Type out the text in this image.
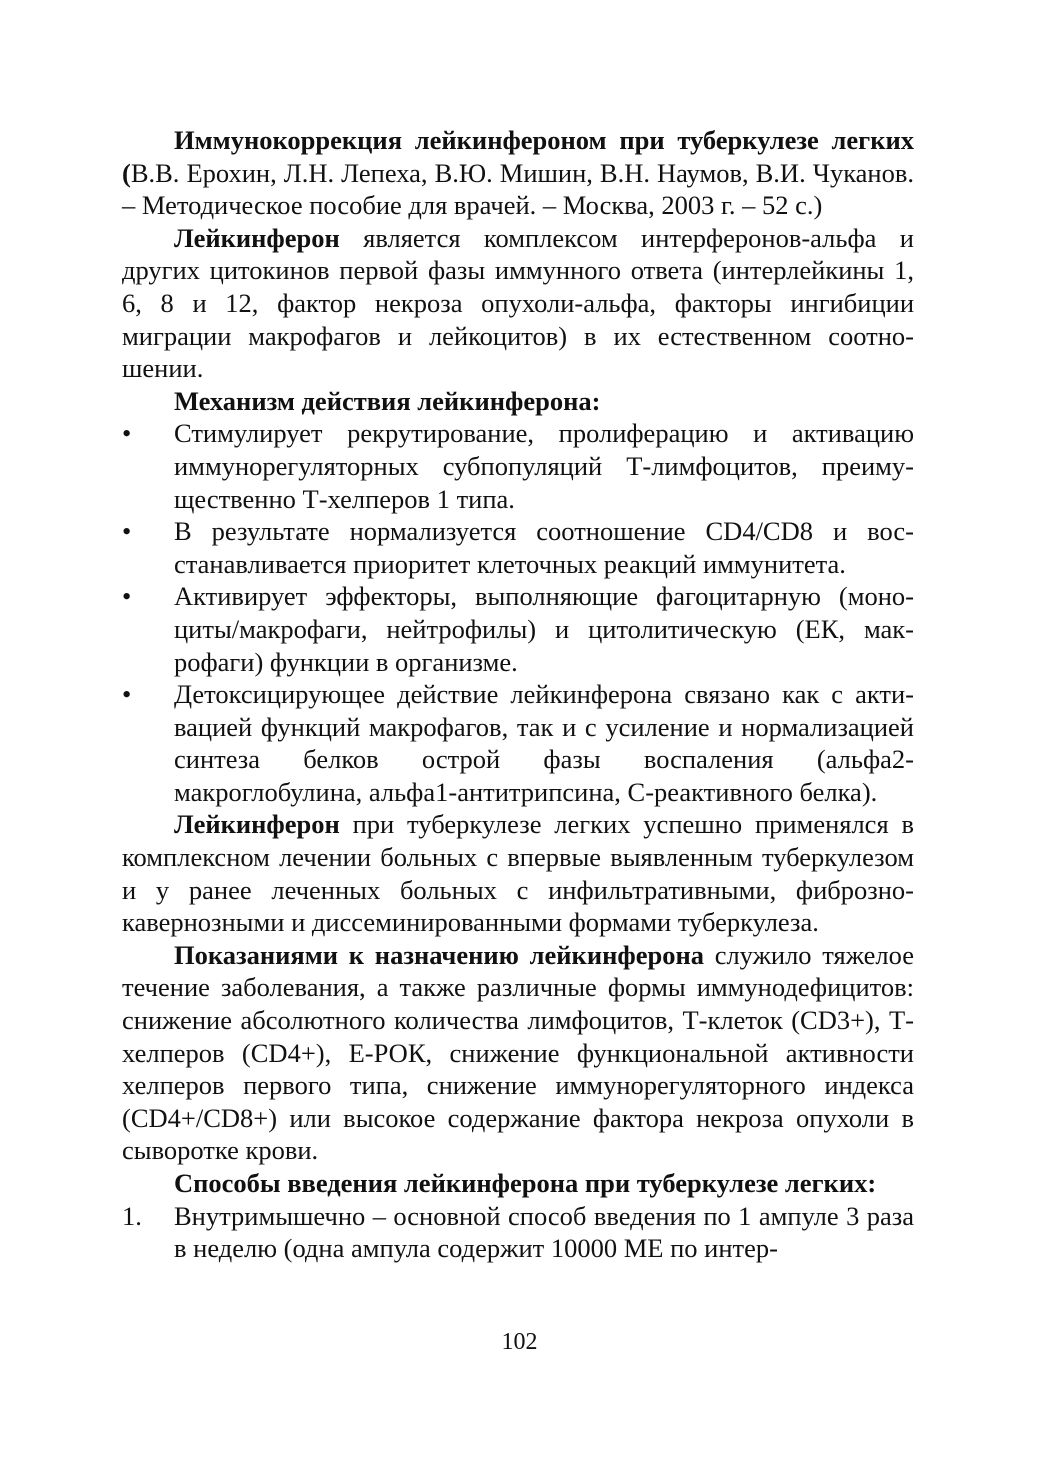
Иммунокоррекция лейкинфероном при туберкулезе легких (В.В. Ерохин, Л.Н. Лепеха, В.Ю. Мишин, В.Н. Наумов, В.И. Чуканов. – Методическое пособие для врачей. – Москва, 2003 г. – 52 с.)

Лейкинферон является комплексом интерферонов-альфа и других цитокинов первой фазы иммунного ответа (интерлейкины 1, 6, 8 и 12, фактор некроза опухоли-альфа, факторы ингибиции миграции макрофагов и лейкоцитов) в их естественном соотношении.

Механизм действия лейкинферона:

• Стимулирует рекрутирование, пролиферацию и активацию иммунорегуляторных субпопуляций Т-лимфоцитов, преимущественно Т-хелперов 1 типа.
• В результате нормализуется соотношение CD4/CD8 и восстанавливается приоритет клеточных реакций иммунитета.
• Активирует эффекторы, выполняющие фагоцитарную (моноциты/макрофаги, нейтрофилы) и цитолитическую (ЕК, макрофаги) функции в организме.
• Детоксицирующее действие лейкинферона связано как с активацией функций макрофагов, так и с усиление и нормализацией синтеза белков острой фазы воспаления (альфа2-макроглобулина, альфа1-антитрипсина, С-реактивного белка).

Лейкинферон при туберкулезе легких успешно применялся в комплексном лечении больных с впервые выявленным туберкулезом и у ранее леченных больных с инфильтративными, фиброзно-кавернозными и диссеминированными формами туберкулеза.

Показаниями к назначению лейкинферона служило тяжелое течение заболевания, а также различные формы иммунодефицитов: снижение абсолютного количества лимфоцитов, Т-клеток (CD3+), Т-хелперов (CD4+), Е-РОК, снижение функциональной активности хелперов первого типа, снижение иммунорегуляторного индекса (CD4+/CD8+) или высокое содержание фактора некроза опухоли в сыворотке крови.

Способы введения лейкинферона при туберкулезе легких:

1. Внутримышечно – основной способ введения по 1 ампуле 3 раза в неделю (одна ампула содержит 10000 МЕ по интер-
102
